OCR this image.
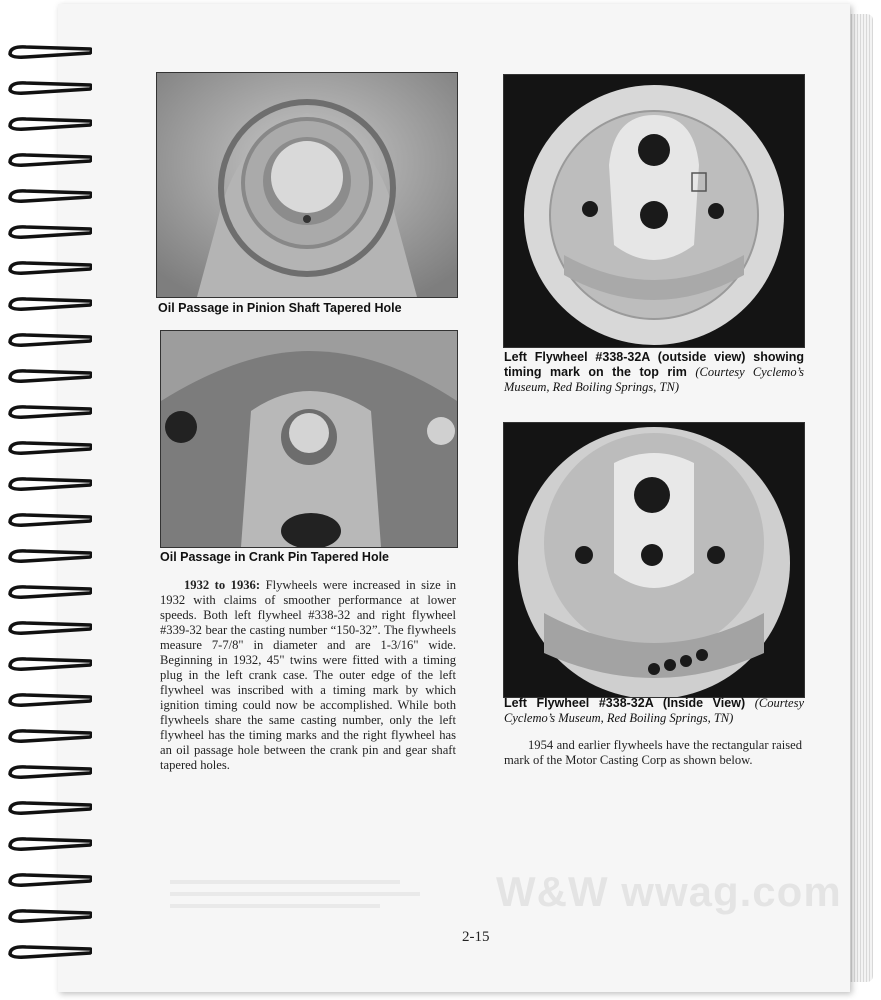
Oil Passage in Pinion Shaft Tapered Hole
Oil Passage in Crank Pin Tapered Hole
1932 to 1936: Flywheels were increased in size in 1932 with claims of smoother performance at lower speeds. Both left flywheel #338-32 and right flywheel #339-32 bear the casting number “150-32”. The flywheels measure 7-7/8" in diameter and are 1-3/16" wide. Beginning in 1932, 45" twins were fitted with a timing plug in the left crank case. The outer edge of the left flywheel was inscribed with a timing mark by which ignition timing could now be accomplished. While both flywheels share the same casting number, only the left flywheel has the timing marks and the right flywheel has an oil passage hole between the crank pin and gear shaft tapered holes.
Left Flywheel #338-32A (outside view) showing timing mark on the top rim (Courtesy Cyclemo’s Museum, Red Boiling Springs, TN)
Left Flywheel #338-32A (Inside View) (Courtesy Cyclemo’s Museum, Red Boiling Springs, TN)
1954 and earlier flywheels have the rectangular raised mark of the Motor Casting Corp as shown below.
W&W wwag.com
2-15
